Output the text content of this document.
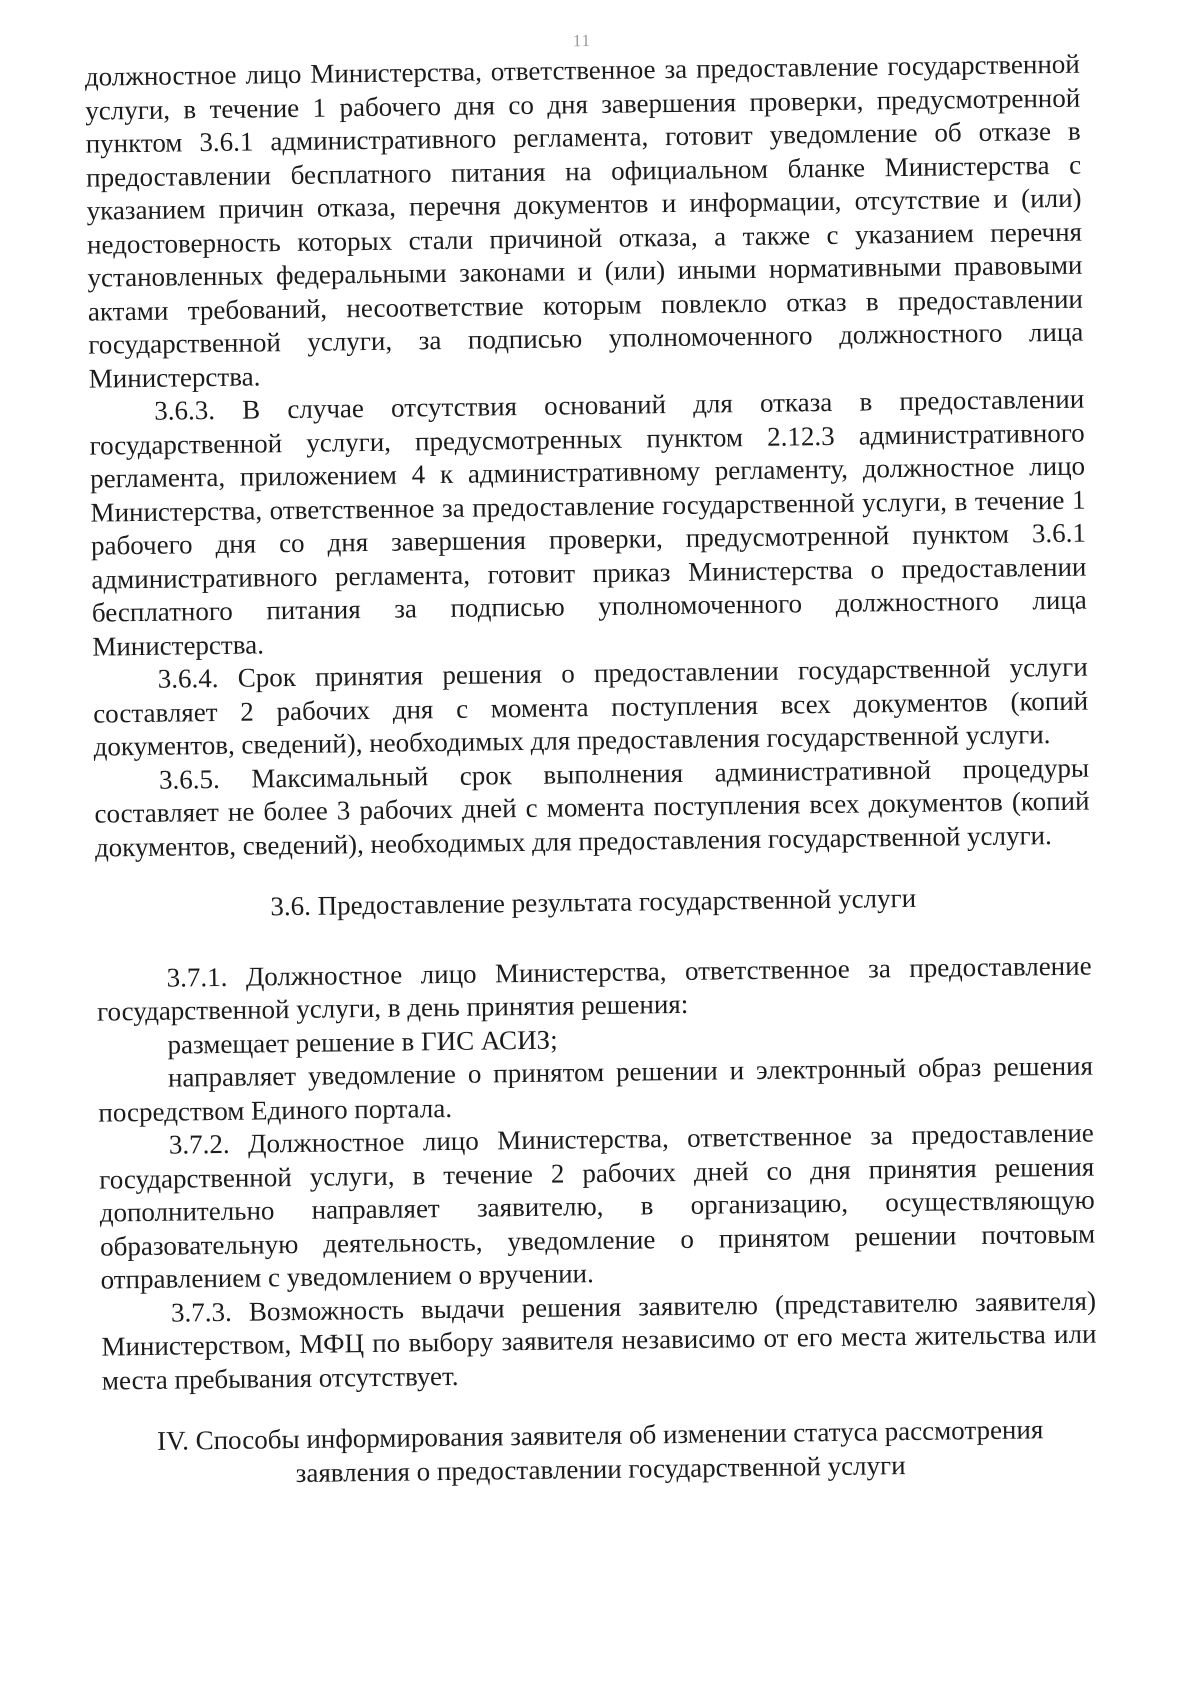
11

должностное лицо Министерства, ответственное за предоставление государственной услуги, в течение 1 рабочего дня со дня завершения проверки, предусмотренной пунктом 3.6.1 административного регламента, готовит уведомление об отказе в предоставлении бесплатного питания на официальном бланке Министерства с указанием причин отказа, перечня документов и информации, отсутствие и (или) недостоверность которых стали причиной отказа, а также с указанием перечня установленных федеральными законами и (или) иными нормативными правовыми актами требований, несоответствие которым повлекло отказ в предоставлении государственной услуги, за подписью уполномоченного должностного лица Министерства.

3.6.3. В случае отсутствия оснований для отказа в предоставлении государственной услуги, предусмотренных пунктом 2.12.3 административного регламента, приложением 4 к административному регламенту, должностное лицо Министерства, ответственное за предоставление государственной услуги, в течение 1 рабочего дня со дня завершения проверки, предусмотренной пунктом 3.6.1 административного регламента, готовит приказ Министерства о предоставлении бесплатного питания за подписью уполномоченного должностного лица Министерства.

3.6.4. Срок принятия решения о предоставлении государственной услуги составляет 2 рабочих дня с момента поступления всех документов (копий документов, сведений), необходимых для предоставления государственной услуги.

3.6.5. Максимальный срок выполнения административной процедуры составляет не более 3 рабочих дней с момента поступления всех документов (копий документов, сведений), необходимых для предоставления государственной услуги.

3.6. Предоставление результата государственной услуги

3.7.1. Должностное лицо Министерства, ответственное за предоставление государственной услуги, в день принятия решения:

размещает решение в ГИС АСИЗ;

направляет уведомление о принятом решении и электронный образ решения посредством Единого портала.

3.7.2. Должностное лицо Министерства, ответственное за предоставление государственной услуги, в течение 2 рабочих дней со дня принятия решения дополнительно направляет заявителю, в организацию, осуществляющую образовательную деятельность, уведомление о принятом решении почтовым отправлением с уведомлением о вручении.

3.7.3. Возможность выдачи решения заявителю (представителю заявителя) Министерством, МФЦ по выбору заявителя независимо от его места жительства или места пребывания отсутствует.

IV. Способы информирования заявителя об изменении статуса рассмотрения

заявления о предоставлении государственной услуги
